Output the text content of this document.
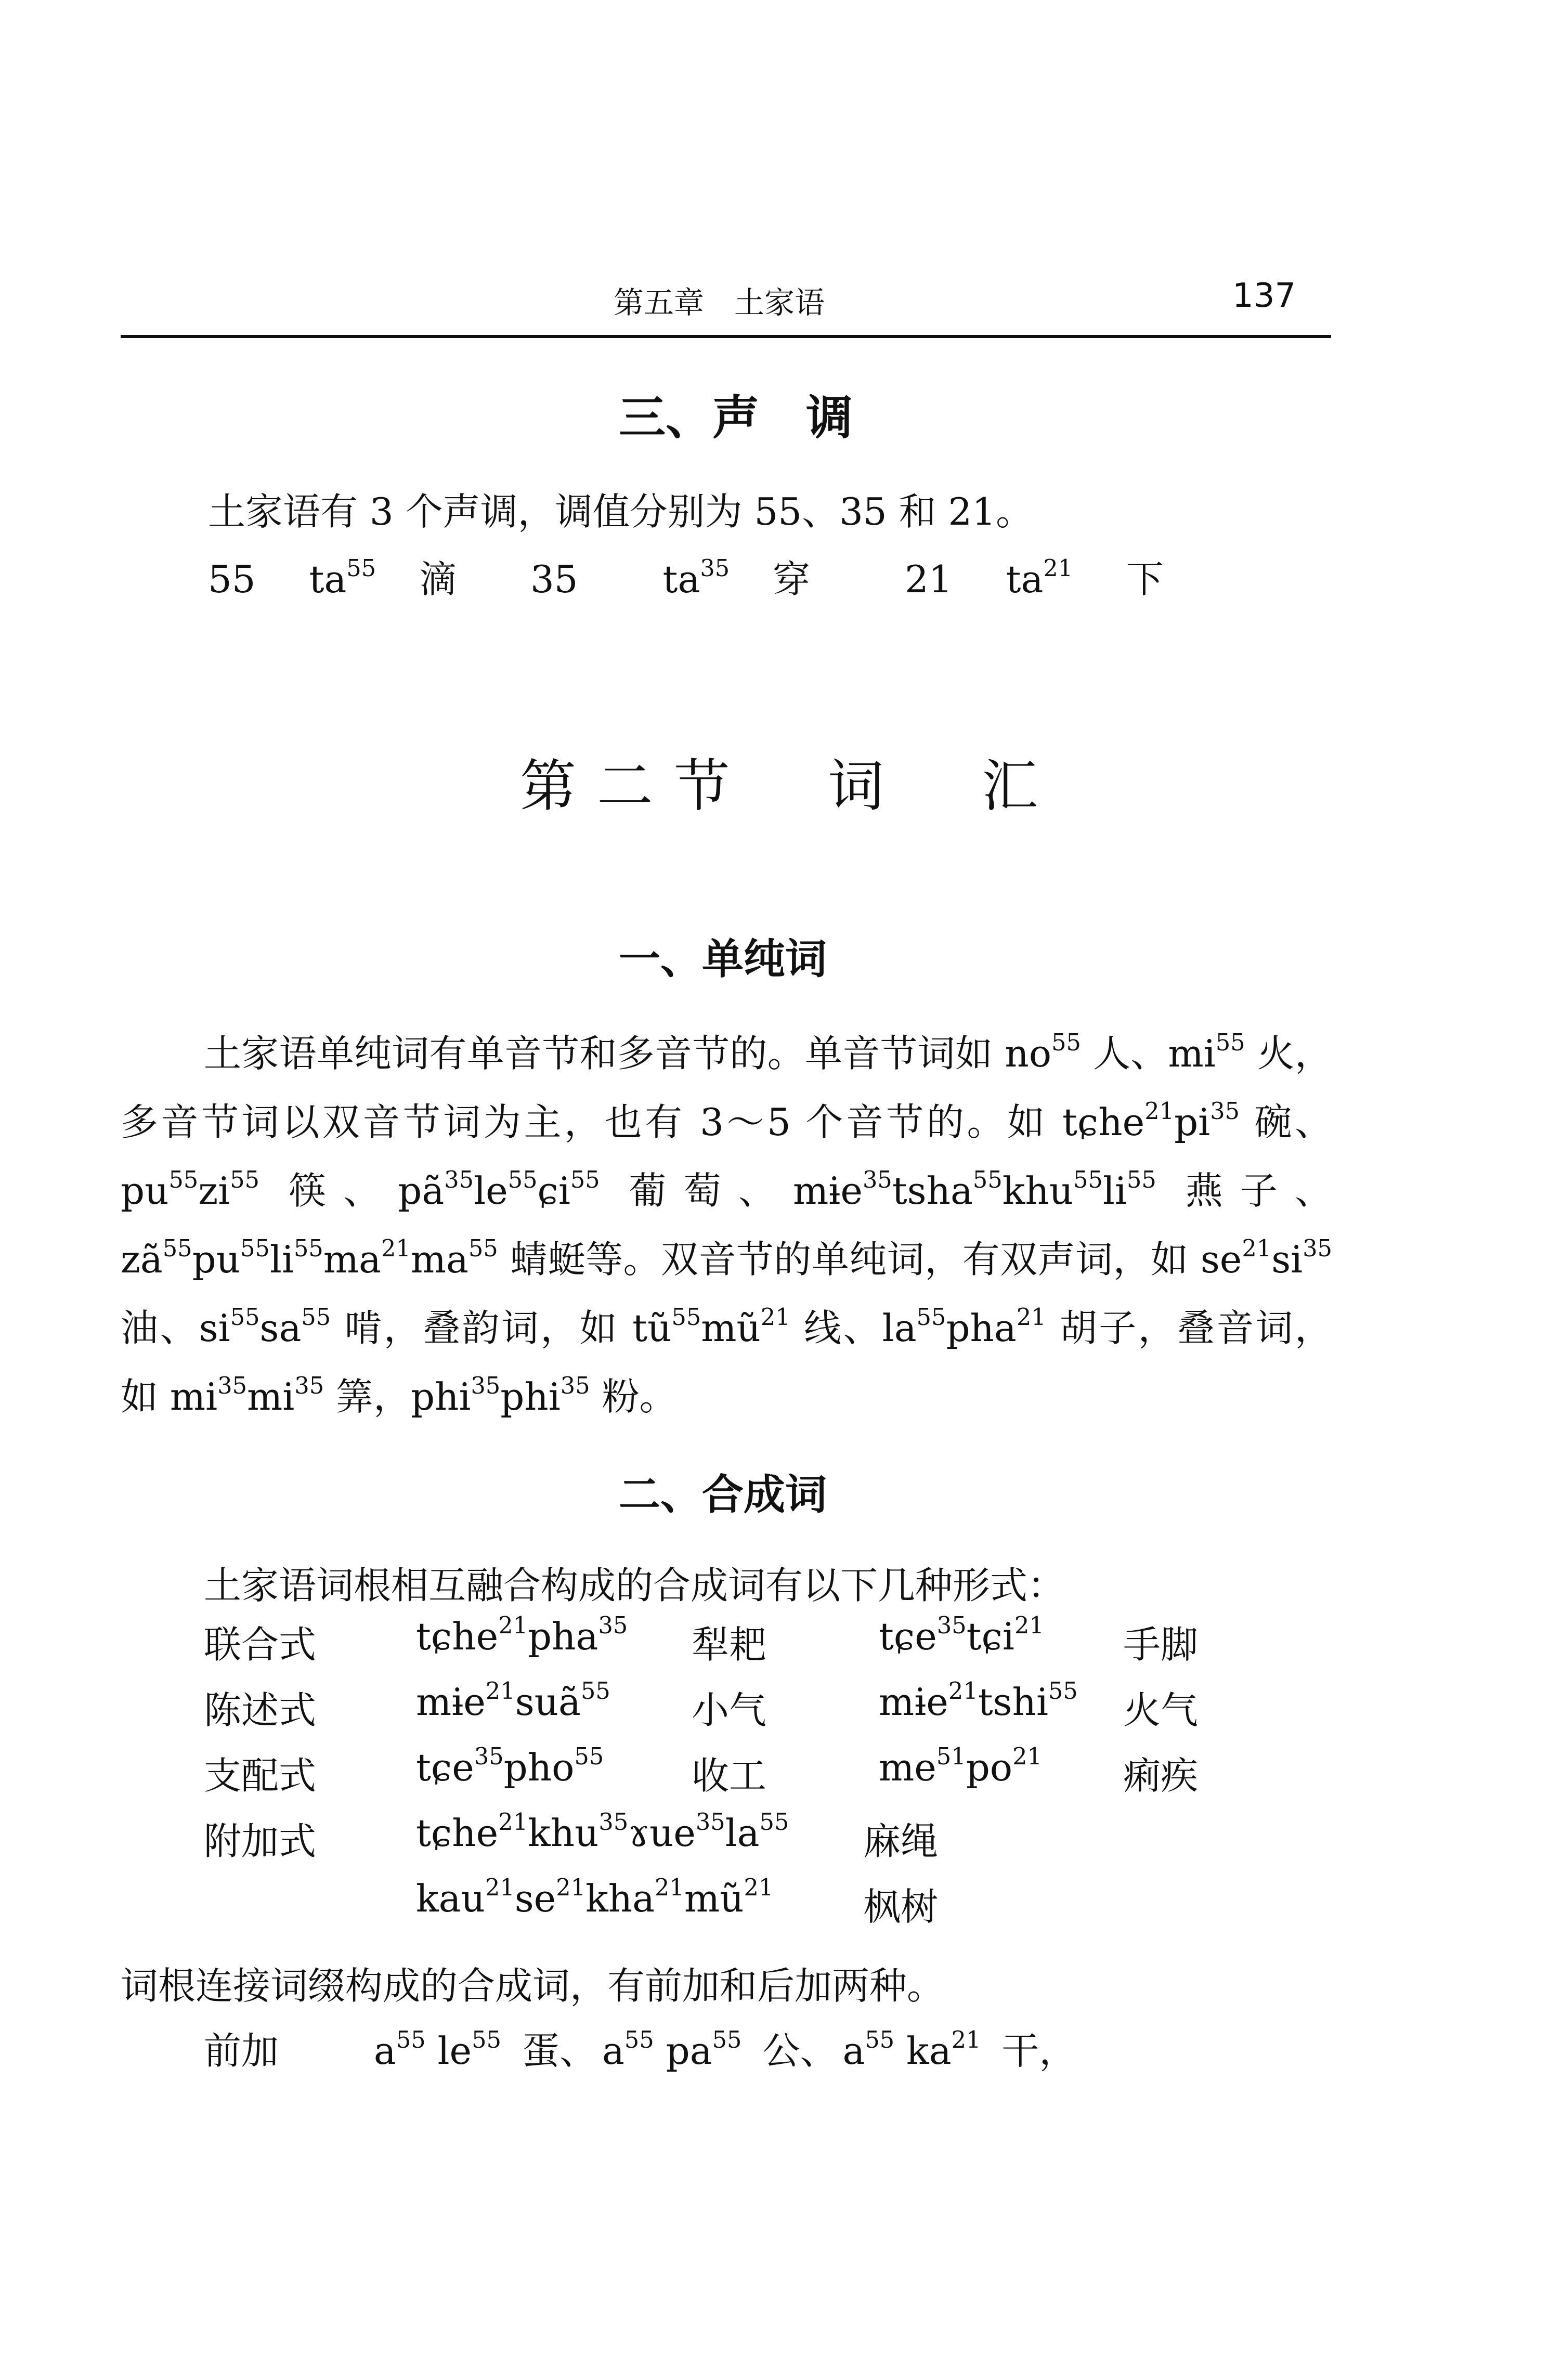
第五章　土家语	137
三、声　调
土家语有 3 个声调，调值分别为 55、35 和 21。
55 $ta^{55}$ 滴 35 $ta^{35}$ 穿	21 $ta^{21}$ 下
第二节　词　汇
一、单纯词

土家语单纯词有单音节和多音节的。单音节词如 $no^{55}$ 人、$mi^{55}$ 火，多音节词以双音节词为主，也有 3～5 个音节的。如 $tɕhe^{21}pi^{35}$ 碗、$pu^{55}zi^{55}$ 筷、$pã^{35}le^{55}ɕi^{55}$ 葡萄、$mɨe^{35}tsha^{55}khu^{55}li^{55}$ 燕子、$zã^{55}pu^{55}li^{55}ma^{21}ma^{55}$ 蜻蜓等。双音节的单纯词，有双声词，如 $se^{21}si^{35}$ 油、$si^{55}sa^{55}$ 啃，叠韵词，如 $tũ^{55}mũ^{21}$ 线、$la^{55}pha^{21}$ 胡子，叠音词，如 $mi^{35}mi^{35}$ 筭，phi$^{35}$phi$^{35}$ 粉。

二、合成词
土家语词根相互融合构成的合成词有以下几种形式：
联合式	tɕhe$^{21}$pha$^{35}$ 犁耙	tɕe$^{35}$tɕi$^{21}$ 手脚
陈述式	mɨe$^{21}$suã$^{55}$ 小气	mɨe$^{21}$tshi$^{55}$ 火气
支配式	tɕe$^{35}$pho$^{55}$ 收工	$me^{51}po^{21}$ 痢疾
附加式	$tɕhe^{21}khu^{35}ɤue^{35}la^{55}$ 麻绳
$kau^{21}se^{21}kha^{21}mũ^{21}$ 枫树
词根连接词缀构成的合成词，有前加和后加两种。
前加	$a^{55}$ $le^{55}$ 蛋、 $a^{55}$ $pa^{55}$ 公、 $a^{55}$ $ka^{21}$ 干，
